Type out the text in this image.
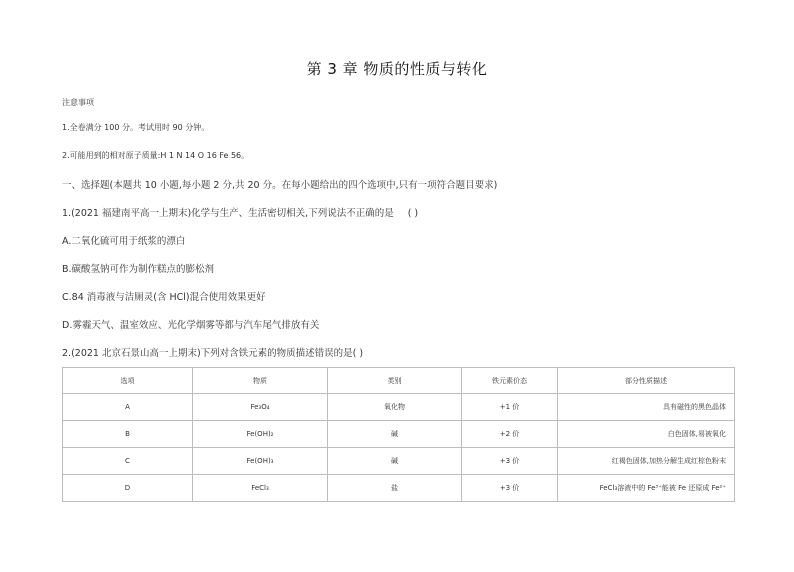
第 3 章 物质的性质与转化
注意事项
1.全卷满分 100 分。考试用时 90 分钟。
2.可能用到的相对原子质量:H 1 N 14 O 16 Fe 56。
一、选择题(本题共 10 小题,每小题 2 分,共 20 分。在每小题给出的四个选项中,只有一项符合题目要求)
1.(2021 福建南平高一上期末)化学与生产、生活密切相关,下列说法不正确的是 ( )
A.二氧化硫可用于纸浆的漂白
B.碳酸氢钠可作为制作糕点的膨松剂
C.84 消毒液与洁厕灵(含 HCl)混合使用效果更好
D.雾霾天气、温室效应、光化学烟雾等都与汽车尾气排放有关
2.(2021 北京石景山高一上期末)下列对含铁元素的物质描述错误的是( )
选项	物质	类别	铁元素价态	部分性质描述
A	Fe₃O₄	氧化物	+1 价	具有磁性的黑色晶体
B	Fe(OH)₂	碱	+2 价	白色固体,易被氧化
C	Fe(OH)₃	碱	+3 价	红褐色固体,加热分解生成红棕色粉末
D	FeCl₃	盐	+3 价	FeCl₃溶液中的 Fe³⁺能被 Fe 还原成 Fe²⁺
